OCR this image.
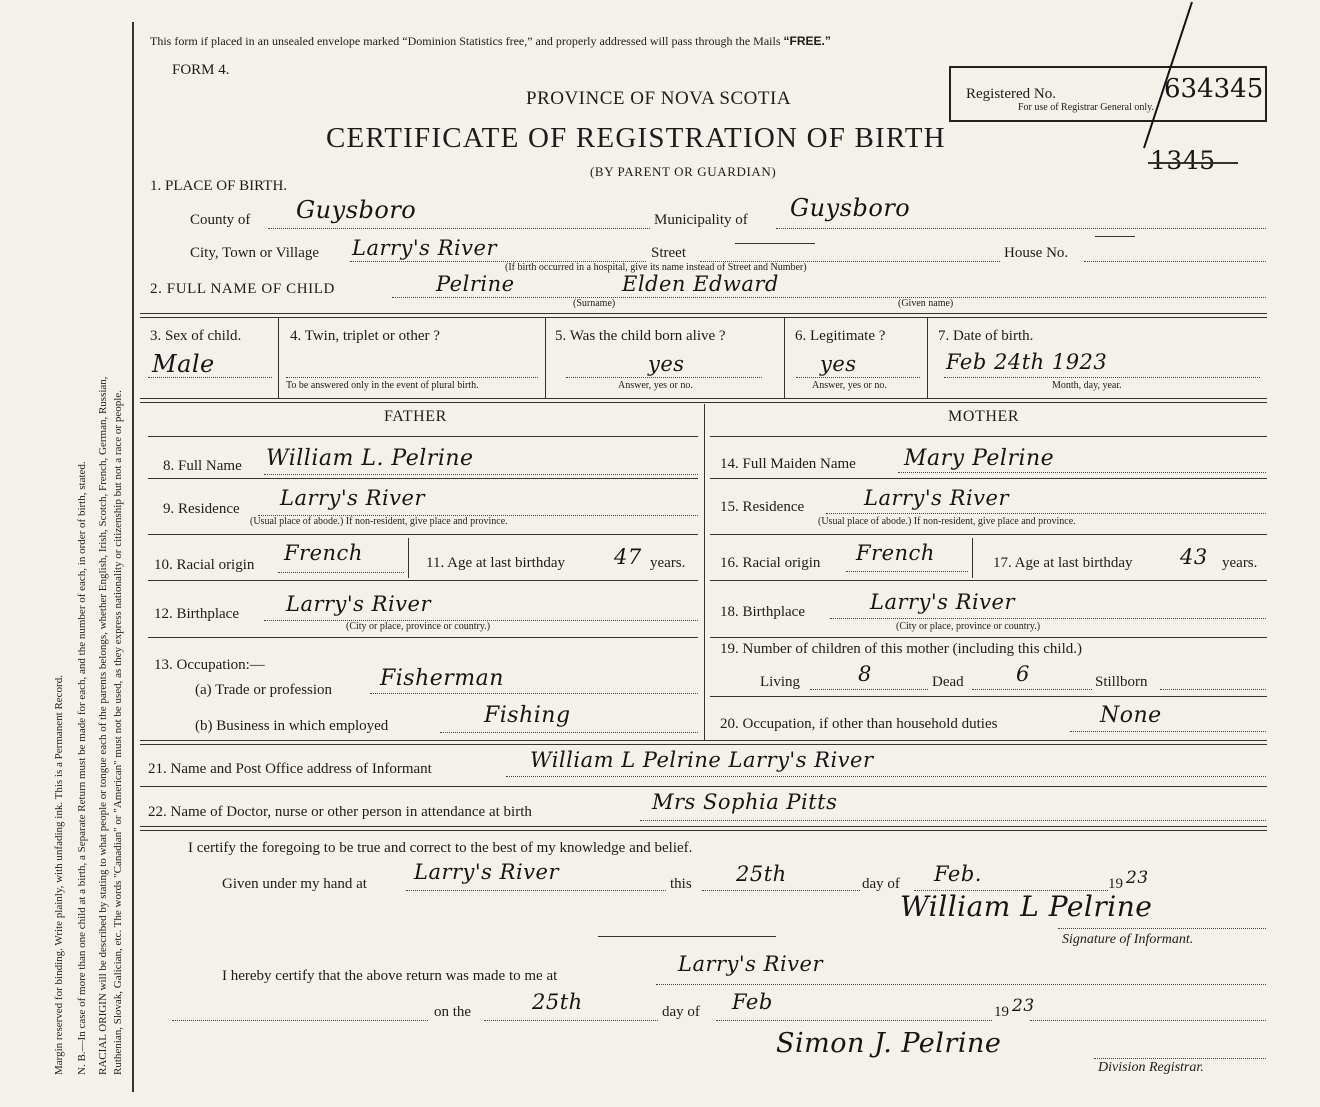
Margin reserved for binding. Write plainly, with unfading ink. This is a Permanent Record. N. B.—In case of more than one child at a birth, a Separate Return must be made for each, and the number of each, in order of birth, stated. RACIAL ORIGIN will be described by stating to what people or tongue each of the parents belongs, whether English, Irish, Scotch, French, German, Russian, Ruthenian, Slovak, Galician, etc. The words "Canadian" or "American" must not be used, as they express nationality or citizenship but not a race or people.
This form if placed in an unsealed envelope marked “Dominion Statistics free,” and properly addressed will pass through the Mails “FREE.”
FORM 4.
PROVINCE OF NOVA SCOTIA
CERTIFICATE OF REGISTRATION OF BIRTH
(BY PARENT OR GUARDIAN)
Registered No.
For use of Registrar General only.
634345
1345
1. PLACE OF BIRTH.
County of Guysboro	Municipality of Guysboro
City, Town or Village Larry's River	Street	House No.
(If birth occurred in a hospital, give its name instead of Street and Number)
2. FULL NAME OF CHILD	Pelrine	Elden Edward
(Surname)	(Given name)
3. Sex of child.
Male
4. Twin, triplet or other ?
To be answered only in the event of plural birth.
5. Was the child born alive ?
yes
Answer, yes or no.
6. Legitimate ?
yes
Answer, yes or no.
7. Date of birth.
Feb 24th 1923
Month, day, year.
FATHER	MOTHER
8. Full Name William L. Pelrine	14. Full Maiden Name Mary Pelrine
9. Residence Larry's River
(Usual place of abode.) If non-resident, give place and province.
15. Residence	Larry's River
(Usual place of abode.) If non-resident, give place and province.
10. Racial origin French	11. Age at last birthday 47 years. 16. Racial origin French	17. Age at last birthday 43 years.
12. Birthplace Larry's River
(City or place, province or country.)
18. Birthplace	Larry's River
(City or place, province or country.)
13. Occupation:—
(a) Trade or profession Fisherman
(b) Business in which employed	Fishing
19. Number of children of this mother (including this child.)
Living	8	Dead 6	Stillborn
20. Occupation, if other than household duties	None
21. Name and Post Office address of Informant	William L Pelrine Larry's River
22. Name of Doctor, nurse or other person in attendance at birth	Mrs Sophia Pitts
I certify the foregoing to be true and correct to the best of my knowledge and belief.
Given under my hand at Larry's River	this 25th	day of Feb.	19 23
William L Pelrine
Signature of Informant.
I hereby certify that the above return was made to me at	Larry's River
on the	25th	day of Feb	19 23
Simon J. Pelrine
Division Registrar.
